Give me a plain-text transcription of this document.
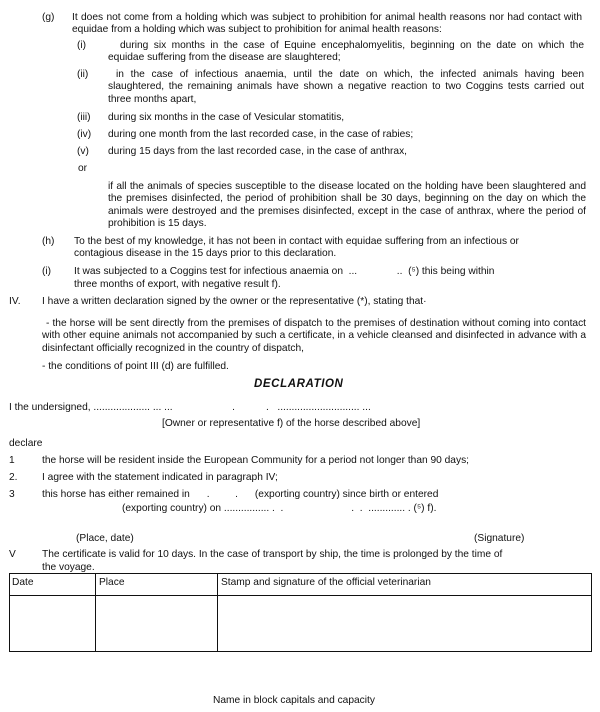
(g) It does not come from a holding which was subject to prohibition for animal health reasons nor had contact with equidae from a holding which was subject to prohibition for animal health reasons:
(i)	during six months in the case of Equine encephalomyelitis, beginning on the date on which the equidae suffering from the disease are slaughtered;
(ii)	in the case of infectious anaemia, until the date on which, the infected animals having been slaughtered, the remaining animals have shown a negative reaction to two Coggins tests carried out three months apart,
(iii) during six months in the case of Vesicular stomatitis,
(iv) during one month from the last recorded case, in the case of rabies;
(v) during 15 days from the last recorded case, in the case of anthrax,
or
if all the animals of species susceptible to the disease located on the holding have been slaughtered and the premises disinfected, the period of prohibition shall be 30 days, beginning on the day on which the animals were destroyed and the premises disinfected, except in the case of anthrax, where the period of prohibition is 15 days.
(h) To the best of my knowledge, it has not been in contact with equidae suffering from an infectious or contagious disease in the 15 days prior to this declaration.
(i) It was subjected to a Coggins test for infectious anaemia on  ...              ..  (⁵) this being within
three months of export, with negative result f).
IV. I have a written declaration signed by the owner or the representative (*), stating that·
- the horse will be sent directly from the premises of dispatch to the premises of destination without coming into contact with other equine animals not accompanied by such a certificate, in a vehicle cleansed and disinfected in advance with a disinfectant officially recognized in the country of dispatch,
- the conditions of point III (d) are fulfilled.
DECLARATION
I the undersigned, .................... ... ...                     .           .   ............................. ...
[Owner or representative f) of the horse described above]
declare
1	the horse will be resident inside the European Community for a period not longer than 90 days;
2. I agree with the statement indicated in paragraph IV;
3	this horse has either remained in      .         .      (exporting country) since birth or entered
(exporting country) on ................ .  .                        .  .  ............. . (⁵) f).
(Place, date)	(Signature)
V	The certificate is valid for 10 days. In the case of transport by ship, the time is prolonged by the time of
the voyage.
Date	Place	Stamp and signature of the official veterinarian
Name in block capitals and capacity
